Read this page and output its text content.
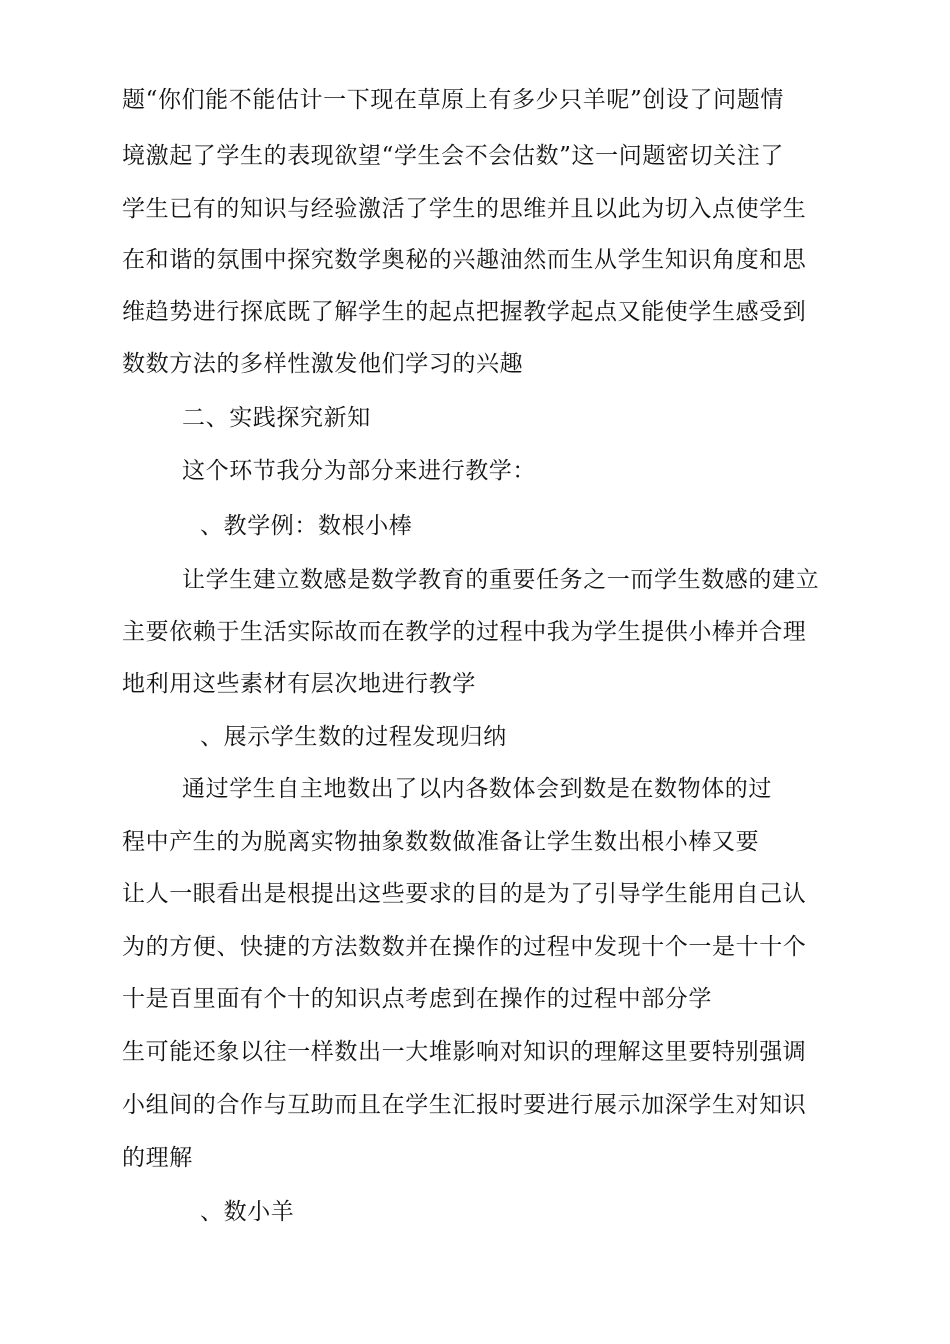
题“你们能不能估计一下现在草原上有多少只羊呢”创设了问题情
境激起了学生的表现欲望“学生会不会估数”这一问题密切关注了
学生已有的知识与经验激活了学生的思维并且以此为切入点使学生
在和谐的氛围中探究数学奥秘的兴趣油然而生从学生知识角度和思
维趋势进行探底既了解学生的起点把握教学起点又能使学生感受到
数数方法的多样性激发他们学习的兴趣
二、实践探究新知
这个环节我分为部分来进行教学：
、教学例：数根小棒
让学生建立数感是数学教育的重要任务之一而学生数感的建立
主要依赖于生活实际故而在教学的过程中我为学生提供小棒并合理
地利用这些素材有层次地进行教学
、展示学生数的过程发现归纳
通过学生自主地数出了以内各数体会到数是在数物体的过
程中产生的为脱离实物抽象数数做准备让学生数出根小棒又要
让人一眼看出是根提出这些要求的目的是为了引导学生能用自己认
为的方便、快捷的方法数数并在操作的过程中发现十个一是十十个
十是百里面有个十的知识点考虑到在操作的过程中部分学
生可能还象以往一样数出一大堆影响对知识的理解这里要特别强调
小组间的合作与互助而且在学生汇报时要进行展示加深学生对知识
的理解
、数小羊
